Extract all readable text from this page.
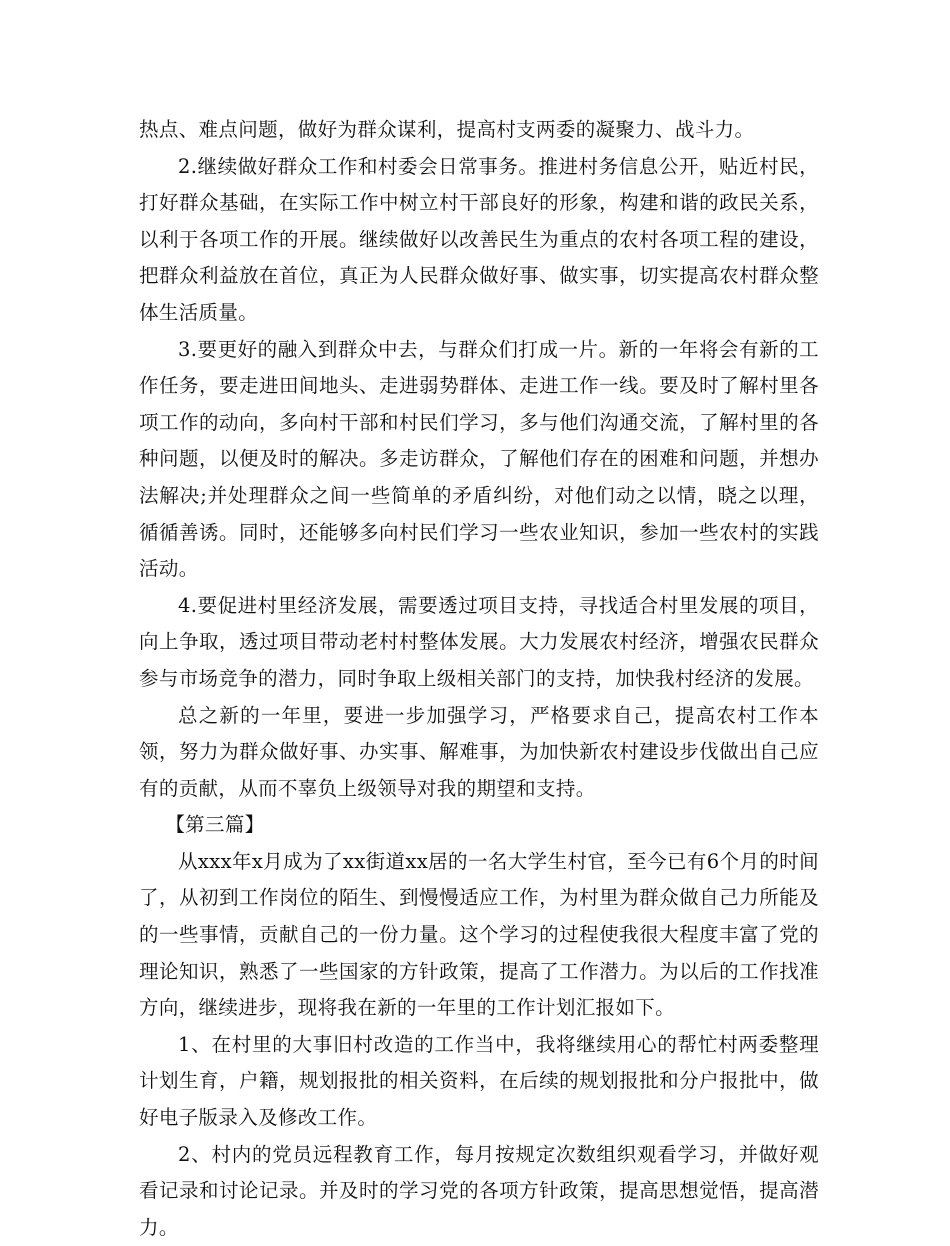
热点、难点问题，做好为群众谋利，提高村支两委的凝聚力、战斗力。

2.继续做好群众工作和村委会日常事务。推进村务信息公开，贴近村民，打好群众基础，在实际工作中树立村干部良好的形象，构建和谐的政民关系，以利于各项工作的开展。继续做好以改善民生为重点的农村各项工程的建设，把群众利益放在首位，真正为人民群众做好事、做实事，切实提高农村群众整体生活质量。

3.要更好的融入到群众中去，与群众们打成一片。新的一年将会有新的工作任务，要走进田间地头、走进弱势群体、走进工作一线。要及时了解村里各项工作的动向，多向村干部和村民们学习，多与他们沟通交流，了解村里的各种问题，以便及时的解决。多走访群众，了解他们存在的困难和问题，并想办法解决;并处理群众之间一些简单的矛盾纠纷，对他们动之以情，晓之以理，循循善诱。同时，还能够多向村民们学习一些农业知识，参加一些农村的实践活动。

4.要促进村里经济发展，需要透过项目支持，寻找适合村里发展的项目，向上争取，透过项目带动老村村整体发展。大力发展农村经济，增强农民群众参与市场竞争的潜力，同时争取上级相关部门的支持，加快我村经济的发展。

总之新的一年里，要进一步加强学习，严格要求自己，提高农村工作本领，努力为群众做好事、办实事、解难事，为加快新农村建设步伐做出自己应有的贡献，从而不辜负上级领导对我的期望和支持。

【第三篇】

从xxx年x月成为了xx街道xx居的一名大学生村官，至今已有6个月的时间了，从初到工作岗位的陌生、到慢慢适应工作，为村里为群众做自己力所能及的一些事情，贡献自己的一份力量。这个学习的过程使我很大程度丰富了党的理论知识，熟悉了一些国家的方针政策，提高了工作潜力。为以后的工作找准方向，继续进步，现将我在新的一年里的工作计划汇报如下。

1、在村里的大事旧村改造的工作当中，我将继续用心的帮忙村两委整理计划生育，户籍，规划报批的相关资料，在后续的规划报批和分户报批中，做好电子版录入及修改工作。

2、村内的党员远程教育工作，每月按规定次数组织观看学习，并做好观看记录和讨论记录。并及时的学习党的各项方针政策，提高思想觉悟，提高潜力。
